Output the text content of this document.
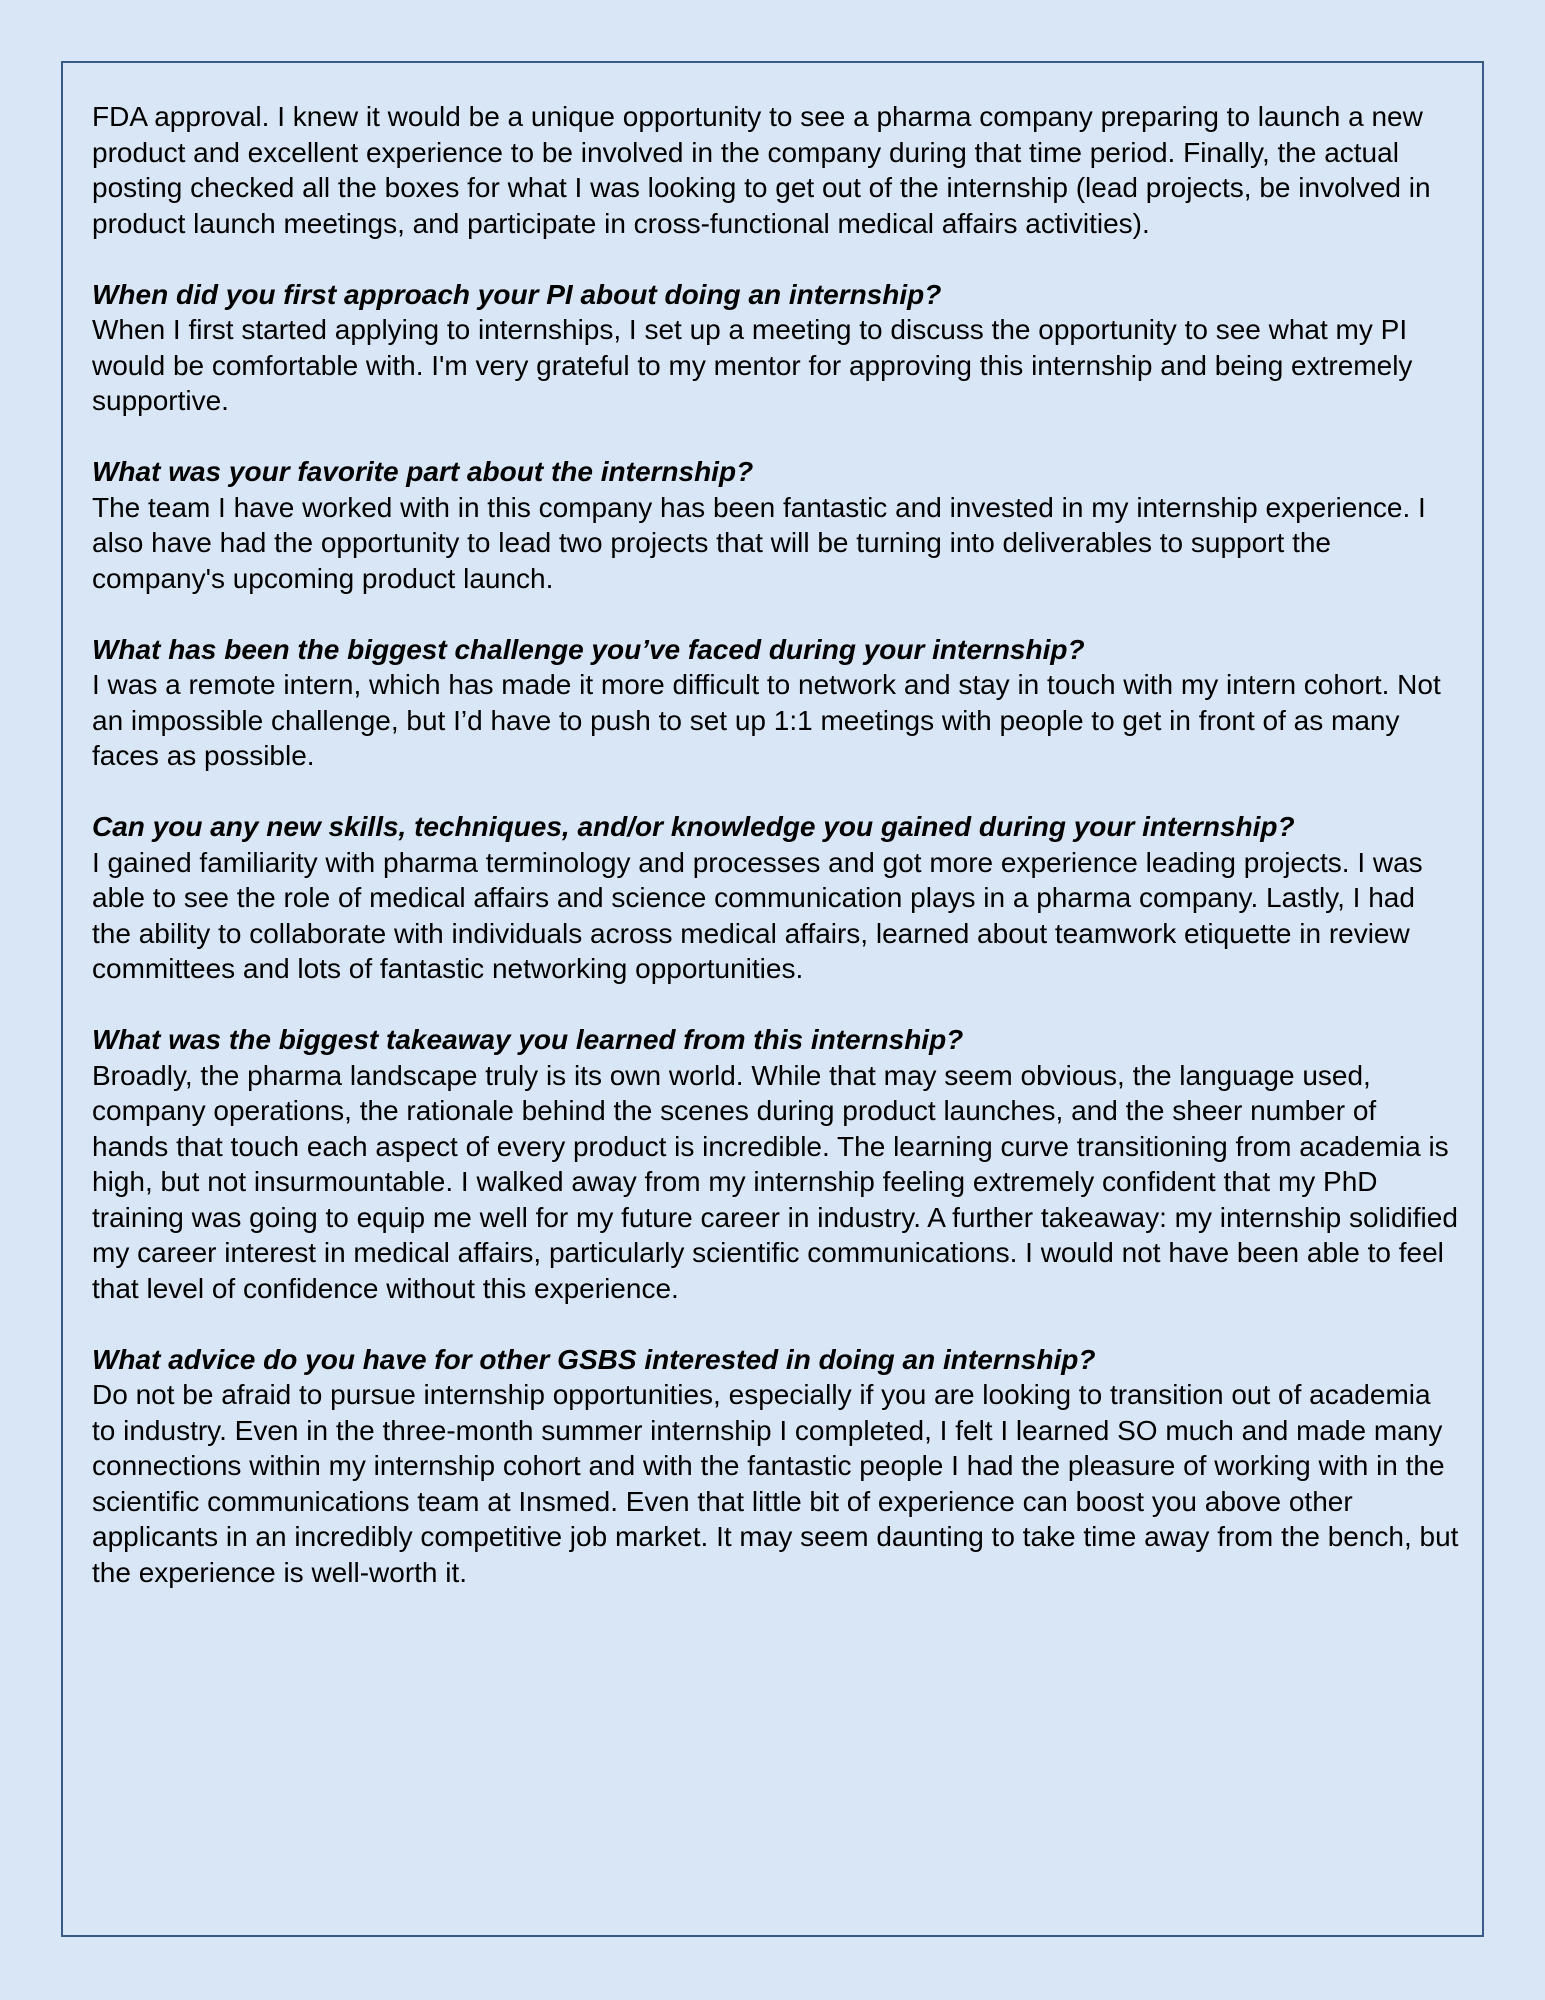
FDA approval. I knew it would be a unique opportunity to see a pharma company preparing to launch a new product and excellent experience to be involved in the company during that time period. Finally, the actual posting checked all the boxes for what I was looking to get out of the internship (lead projects, be involved in product launch meetings, and participate in cross-functional medical affairs activities).

When did you first approach your PI about doing an internship?

When I first started applying to internships, I set up a meeting to discuss the opportunity to see what my PI would be comfortable with. I'm very grateful to my mentor for approving this internship and being extremely supportive.

What was your favorite part about the internship?

The team I have worked with in this company has been fantastic and invested in my internship experience. I also have had the opportunity to lead two projects that will be turning into deliverables to support the company's upcoming product launch.

What has been the biggest challenge you’ve faced during your internship?

I was a remote intern, which has made it more difficult to network and stay in touch with my intern cohort. Not an impossible challenge, but I’d have to push to set up 1:1 meetings with people to get in front of as many faces as possible.

Can you any new skills, techniques, and/or knowledge you gained during your internship?

I gained familiarity with pharma terminology and processes and got more experience leading projects. I was able to see the role of medical affairs and science communication plays in a pharma company. Lastly, I had the ability to collaborate with individuals across medical affairs, learned about teamwork etiquette in review committees and lots of fantastic networking opportunities.

What was the biggest takeaway you learned from this internship?

Broadly, the pharma landscape truly is its own world. While that may seem obvious, the language used, company operations, the rationale behind the scenes during product launches, and the sheer number of hands that touch each aspect of every product is incredible. The learning curve transitioning from academia is high, but not insurmountable. I walked away from my internship feeling extremely confident that my PhD training was going to equip me well for my future career in industry. A further takeaway: my internship solidified my career interest in medical affairs, particularly scientific communications. I would not have been able to feel that level of confidence without this experience.

What advice do you have for other GSBS interested in doing an internship?

Do not be afraid to pursue internship opportunities, especially if you are looking to transition out of academia to industry. Even in the three-month summer internship I completed, I felt I learned SO much and made many connections within my internship cohort and with the fantastic people I had the pleasure of working with in the scientific communications team at Insmed. Even that little bit of experience can boost you above other applicants in an incredibly competitive job market. It may seem daunting to take time away from the bench, but the experience is well-worth it.
